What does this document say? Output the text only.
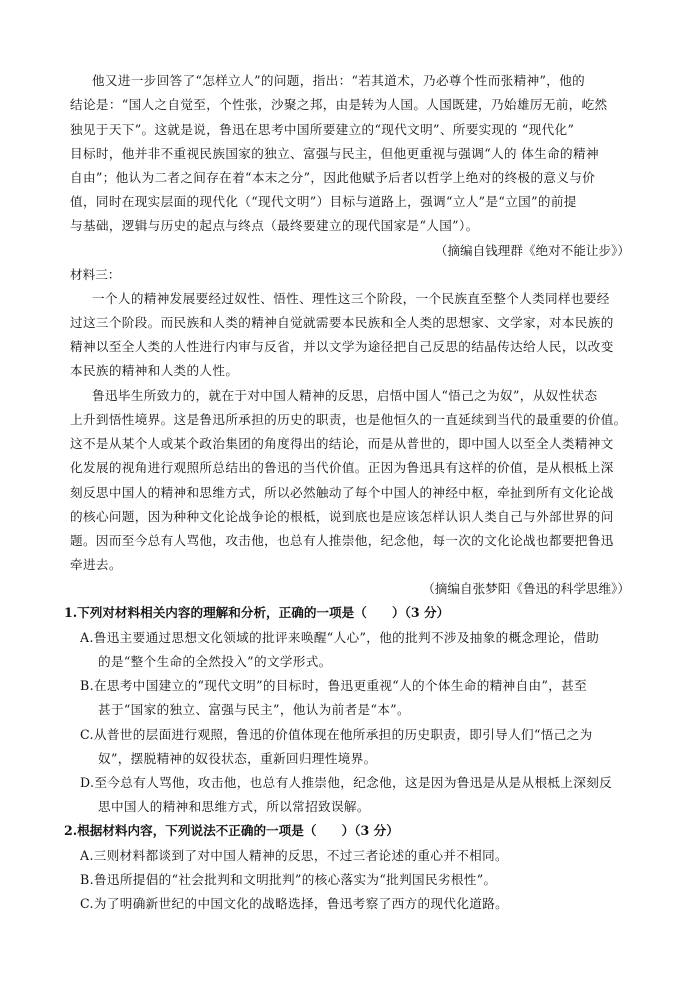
他又进一步回答了“怎样立人”的问题，指出：“若其道术，乃必尊个性而张精神”，他的
结论是：“国人之自觉至，个性张，沙聚之邦，由是转为人国。人国既建，乃始雄厉无前，屹然
独见于天下”。这就是说，鲁迅在思考中国所要建立的“现代文明”、所要实现的 “现代化”
目标时，他并非不重视民族国家的独立、富强与民主，但他更重视与强调“人的 体生命的精神
自由”；他认为二者之间存在着“本末之分”，因此他赋予后者以哲学上绝对的终极的意义与价
值，同时在现实层面的现代化（“现代文明”）目标与道路上，强调“立人”是“立国”的前提
与基础，逻辑与历史的起点与终点（最终要建立的现代国家是“人国”）。
（摘编自钱理群《绝对不能让步》）
材料三：
一个人的精神发展要经过奴性、悟性、理性这三个阶段，一个民族直至整个人类同样也要经
过这三个阶段。而民族和人类的精神自觉就需要本民族和全人类的思想家、文学家，对本民族的
精神以至全人类的人性进行内审与反省，并以文学为途径把自己反思的结晶传达给人民，以改变
本民族的精神和人类的人性。
鲁迅毕生所致力的，就在于对中国人精神的反思，启悟中国人“悟己之为奴”，从奴性状态
上升到悟性境界。这是鲁迅所承担的历史的职责，也是他恒久的一直延续到当代的最重要的价值。
这不是从某个人或某个政治集团的角度得出的结论，而是从普世的，即中国人以至全人类精神文
化发展的视角进行观照所总结出的鲁迅的当代价值。正因为鲁迅具有这样的价值，是从根柢上深
刻反思中国人的精神和思维方式，所以必然触动了每个中国人的神经中枢，牵扯到所有文化论战
的核心问题，因为种种文化论战争论的根柢，说到底也是应该怎样认识人类自己与外部世界的问
题。因而至今总有人骂他，攻击他，也总有人推崇他，纪念他，每一次的文化论战也都要把鲁迅
牵进去。
（摘编自张梦阳《鲁迅的科学思维》）
1.下列对材料相关内容的理解和分析，正确的一项是（　　）（3 分）
A.鲁迅主要通过思想文化领域的批评来唤醒“人心”，他的批判不涉及抽象的概念理论，借助
的是“整个生命的全然投入”的文学形式。
B.在思考中国建立的“现代文明”的目标时，鲁迅更重视“人的个体生命的精神自由”，甚至
甚于“国家的独立、富强与民主”，他认为前者是“本”。
C.从普世的层面进行观照，鲁迅的价值体现在他所承担的历史职责，即引导人们“悟己之为
奴”，摆脱精神的奴役状态，重新回归理性境界。
D.至今总有人骂他，攻击他，也总有人推崇他，纪念他，这是因为鲁迅是从是从根柢上深刻反
思中国人的精神和思维方式，所以常招致误解。
2.根据材料内容，下列说法不正确的一项是（　　）（3 分）
A.三则材料都谈到了对中国人精神的反思，不过三者论述的重心并不相同。
B.鲁迅所提倡的“社会批判和文明批判”的核心落实为“批判国民劣根性”。
C.为了明确新世纪的中国文化的战略选择，鲁迅考察了西方的现代化道路。
